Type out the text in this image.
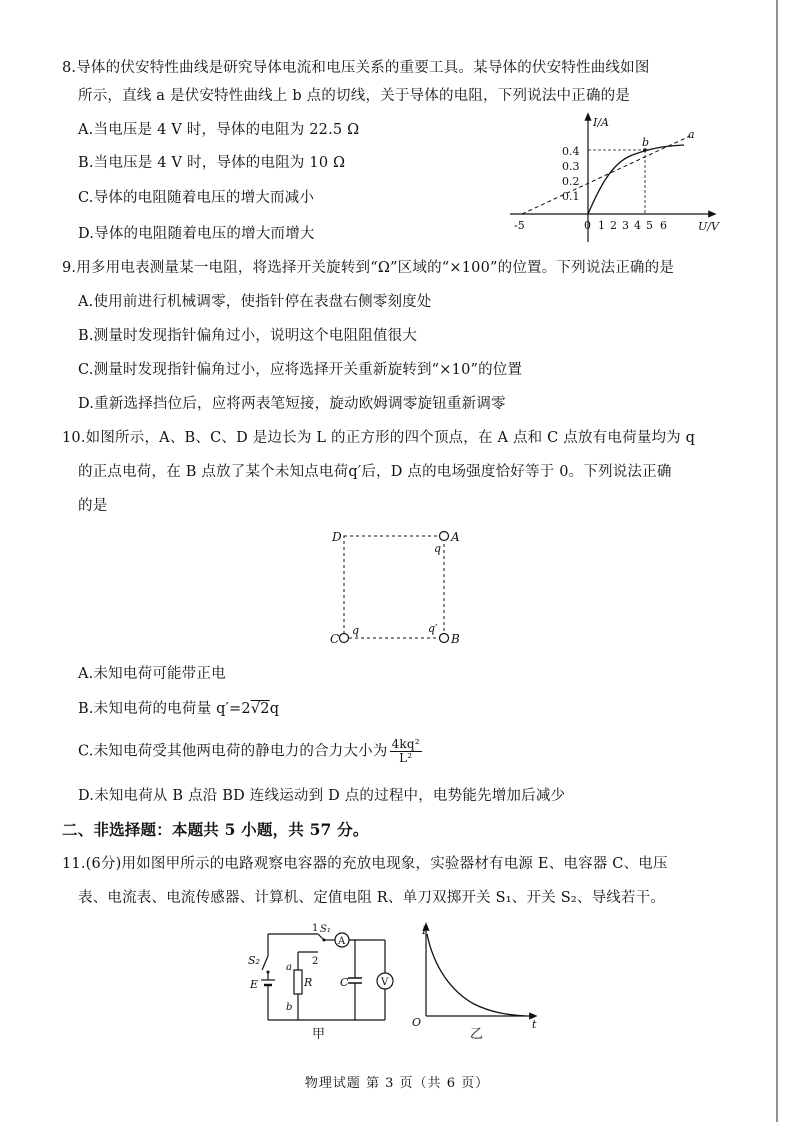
8.导体的伏安特性曲线是研究导体电流和电压关系的重要工具。某导体的伏安特性曲线如图
所示，直线 a 是伏安特性曲线上 b 点的切线，关于导体的电阻，下列说法中正确的是
A.当电压是 4 V 时，导体的电阻为 22.5 Ω
B.当电压是 4 V 时，导体的电阻为 10 Ω
C.导体的电阻随着电压的增大而减小
D.导体的电阻随着电压的增大而增大
I/A
U/V
0.4
0.3
0.2
0.1
-5	0 1 2 3 4 5 6
a
b
9.用多用电表测量某一电阻，将选择开关旋转到“Ω”区域的“×100”的位置。下列说法正确的是
A.使用前进行机械调零，使指针停在表盘右侧零刻度处
B.测量时发现指针偏角过小，说明这个电阻阻值很大
C.测量时发现指针偏角过小，应将选择开关重新旋转到“×10”的位置
D.重新选择挡位后，应将两表笔短接，旋动欧姆调零旋钮重新调零
10.如图所示，A、B、C、D 是边长为 L 的正方形的四个顶点，在 A 点和 C 点放有电荷量均为 q
的正点电荷，在 B 点放了某个未知点电荷q′后，D 点的电场强度恰好等于 0。下列说法正确
的是
D	A
q
C
q
B
q′
A.未知电荷可能带正电
B.未知电荷的电荷量 q′=2√2q
C.未知电荷受其他两电荷的静电力的合力大小为 $\frac{\text{4kq²}}{\text{L²}}$
D.未知电荷从 B 点沿 BD 连线运动到 D 点的过程中，电势能先增加后减少
二、非选择题：本题共 5 小题，共 57 分。
11.(6分)用如图甲所示的电路观察电容器的充放电现象，实验器材有电源 E、电容器 C、电压
表、电流表、电流传感器、计算机、定值电阻 R、单刀双掷开关 S₁、开关 S₂、导线若干。
S₂
E
1 S₁
2
a
b
R
A
C	V
甲
I
t
O
乙
物理试题 第 3 页（共 6 页）
